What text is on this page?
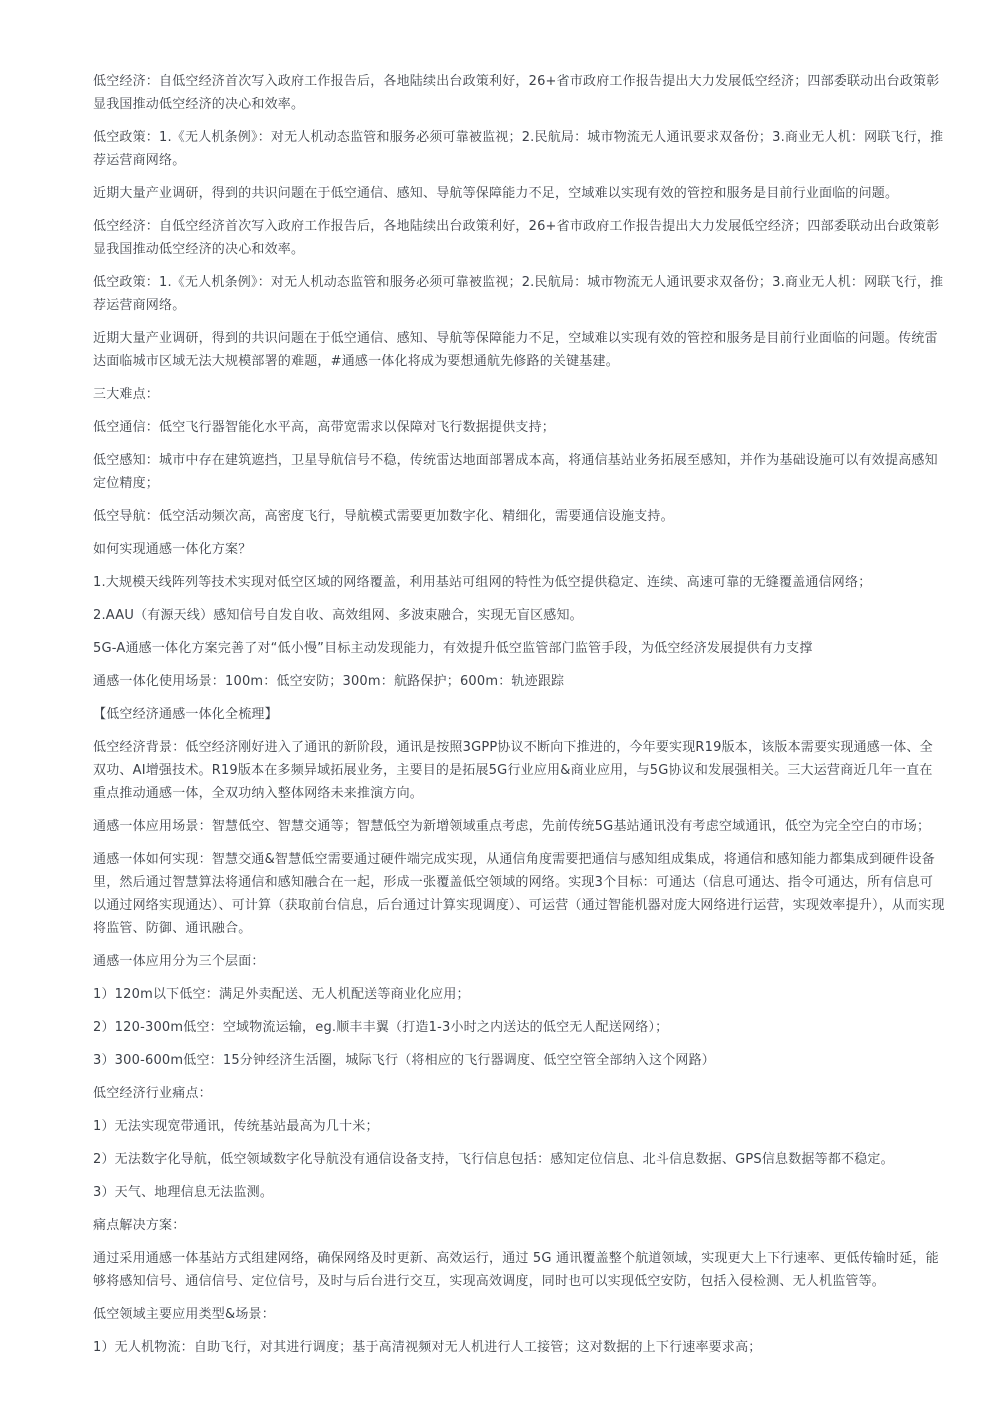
低空经济：自低空经济首次写入政府工作报告后，各地陆续出台政策利好，26+省市政府工作报告提出大力发展低空经济；四部委联动出台政策彰显我国推动低空经济的决心和效率。

低空政策：1.《无人机条例》：对无人机动态监管和服务必须可靠被监视；2.民航局：城市物流无人通讯要求双备份；3.商业无人机：网联飞行，推荐运营商网络。

近期大量产业调研，得到的共识问题在于低空通信、感知、导航等保障能力不足，空域难以实现有效的管控和服务是目前行业面临的问题。

低空经济：自低空经济首次写入政府工作报告后，各地陆续出台政策利好，26+省市政府工作报告提出大力发展低空经济；四部委联动出台政策彰显我国推动低空经济的决心和效率。

低空政策：1.《无人机条例》：对无人机动态监管和服务必须可靠被监视；2.民航局：城市物流无人通讯要求双备份；3.商业无人机：网联飞行，推荐运营商网络。

近期大量产业调研，得到的共识问题在于低空通信、感知、导航等保障能力不足，空域难以实现有效的管控和服务是目前行业面临的问题。传统雷达面临城市区域无法大规模部署的难题，#通感一体化将成为要想通航先修路的关键基建。

三大难点：

低空通信：低空飞行器智能化水平高，高带宽需求以保障对飞行数据提供支持；

低空感知：城市中存在建筑遮挡，卫星导航信号不稳，传统雷达地面部署成本高，将通信基站业务拓展至感知，并作为基础设施可以有效提高感知定位精度；

低空导航：低空活动频次高，高密度飞行，导航模式需要更加数字化、精细化，需要通信设施支持。

如何实现通感一体化方案？

1.大规模天线阵列等技术实现对低空区域的网络覆盖，利用基站可组网的特性为低空提供稳定、连续、高速可靠的无缝覆盖通信网络；

2.AAU（有源天线）感知信号自发自收、高效组网、多波束融合，实现无盲区感知。

5G-A通感一体化方案完善了对“低小慢”目标主动发现能力，有效提升低空监管部门监管手段，为低空经济发展提供有力支撑

通感一体化使用场景：100m：低空安防；300m：航路保护；600m：轨迹跟踪

【低空经济通感一体化全梳理】

低空经济背景：低空经济刚好进入了通讯的新阶段，通讯是按照3GPP协议不断向下推进的，今年要实现R19版本，该版本需要实现通感一体、全双功、AI增强技术。R19版本在多频异域拓展业务，主要目的是拓展5G行业应用&商业应用，与5G协议和发展强相关。三大运营商近几年一直在重点推动通感一体，全双功纳入整体网络未来推演方向。

通感一体应用场景：智慧低空、智慧交通等；智慧低空为新增领域重点考虑，先前传统5G基站通讯没有考虑空域通讯，低空为完全空白的市场；

通感一体如何实现：智慧交通&智慧低空需要通过硬件端完成实现，从通信角度需要把通信与感知组成集成，将通信和感知能力都集成到硬件设备里，然后通过智慧算法将通信和感知融合在一起，形成一张覆盖低空领域的网络。实现3个目标：可通达（信息可通达、指令可通达，所有信息可以通过网络实现通达）、可计算（获取前台信息，后台通过计算实现调度）、可运营（通过智能机器对庞大网络进行运营，实现效率提升），从而实现将监管、防御、通讯融合。

通感一体应用分为三个层面：

1）120m以下低空：满足外卖配送、无人机配送等商业化应用；

2）120-300m低空：空域物流运输，eg.顺丰丰翼（打造1-3小时之内送达的低空无人配送网络）；

3）300-600m低空：15分钟经济生活圈，城际飞行（将相应的飞行器调度、低空空管全部纳入这个网路）

低空经济行业痛点：

1）无法实现宽带通讯，传统基站最高为几十米；

2）无法数字化导航，低空领域数字化导航没有通信设备支持，飞行信息包括：感知定位信息、北斗信息数据、GPS信息数据等都不稳定。

3）天气、地理信息无法监测。

痛点解决方案：

通过采用通感一体基站方式组建网络，确保网络及时更新、高效运行，通过 5G 通讯覆盖整个航道领域，实现更大上下行速率、更低传输时延，能够将感知信号、通信信号、定位信号，及时与后台进行交互，实现高效调度，同时也可以实现低空安防，包括入侵检测、无人机监管等。

低空领域主要应用类型&场景：

1）无人机物流：自助飞行，对其进行调度；基于高清视频对无人机进行人工接管；这对数据的上下行速率要求高；
